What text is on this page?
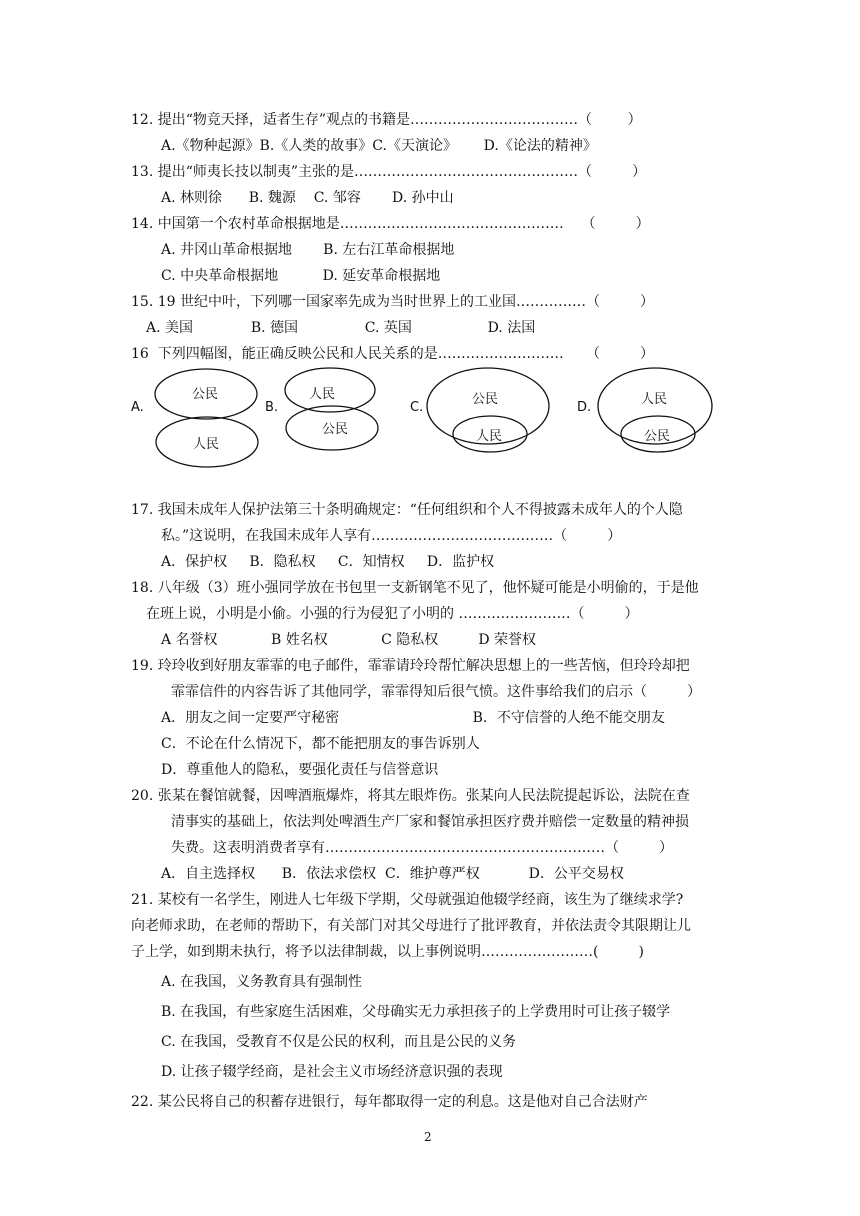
12. 提出“物竞天择，适者生存”观点的书籍是………………………………（        ）
A.《物种起源》B.《人类的故事》C.《天演论》      D.《论法的精神》
13. 提出“师夷长技以制夷”主张的是…………………………………………（         ）
A. 林则徐      B. 魏源    C. 邹容       D. 孙中山
14. 中国第一个农村革命根据地是…………………………………………    （         ）
A. 井冈山革命根据地       B. 左右江革命根据地
C. 中央革命根据地          D. 延安革命根据地
15. 19 世纪中叶，下列哪一国家率先成为当时世界上的工业国……………（         ）
A. 美国             B. 德国               C. 英国                 D. 法国
16  下列四幅图，能正确反映公民和人民关系的是………………………     （         ）
A.	B.	C.	D.
公民
人民
人民
公民
公民
人民
人民
公民
17. 我国未成年人保护法第三十条明确规定：“任何组织和个人不得披露未成年人的个人隐
私。”这说明，在我国未成年人享有…………………………………（         ）
A．保护权     B．隐私权     C．知情权     D．监护权
18. 八年级（3）班小强同学放在书包里一支新钢笔不见了，他怀疑可能是小明偷的，于是他
在班上说，小明是小偷。小强的行为侵犯了小明的 ……………………（         ）
A 名誉权            B 姓名权            C 隐私权         D 荣誉权
19. 玲玲收到好朋友霏霏的电子邮件，霏霏请玲玲帮忙解决思想上的一些苦恼，但玲玲却把
霏霏信件的内容告诉了其他同学，霏霏得知后很气愤。这件事给我们的启示（         ）
A．朋友之间一定要严守秘密                              B．不守信誉的人绝不能交朋友
C．不论在什么情况下，都不能把朋友的事告诉别人
D．尊重他人的隐私，要强化责任与信誉意识
20. 张某在餐馆就餐，因啤酒瓶爆炸，将其左眼炸伤。张某向人民法院提起诉讼，法院在查
清事实的基础上，依法判处啤酒生产厂家和餐馆承担医疗费并赔偿一定数量的精神损
失费。这表明消费者享有……………………………………………………（         ）
A．自主选择权      B．依法求偿权  C．维护尊严权           D．公平交易权
21. 某校有一名学生，刚进人七年级下学期，父母就强迫他辍学经商，该生为了继续求学?
向老师求助，在老师的帮助下，有关部门对其父母进行了批评教育，并依法责令其限期让儿
子上学，如到期未执行，将予以法律制裁，以上事例说明……………………(         )
A. 在我国，义务教育具有强制性
B. 在我国，有些家庭生活困难，父母确实无力承担孩子的上学费用时可让孩子辍学
C. 在我国，受教育不仅是公民的权利，而且是公民的义务
D. 让孩子辍学经商，是社会主义市场经济意识强的表现
22. 某公民将自己的积蓄存进银行，每年都取得一定的利息。这是他对自己合法财产
2
